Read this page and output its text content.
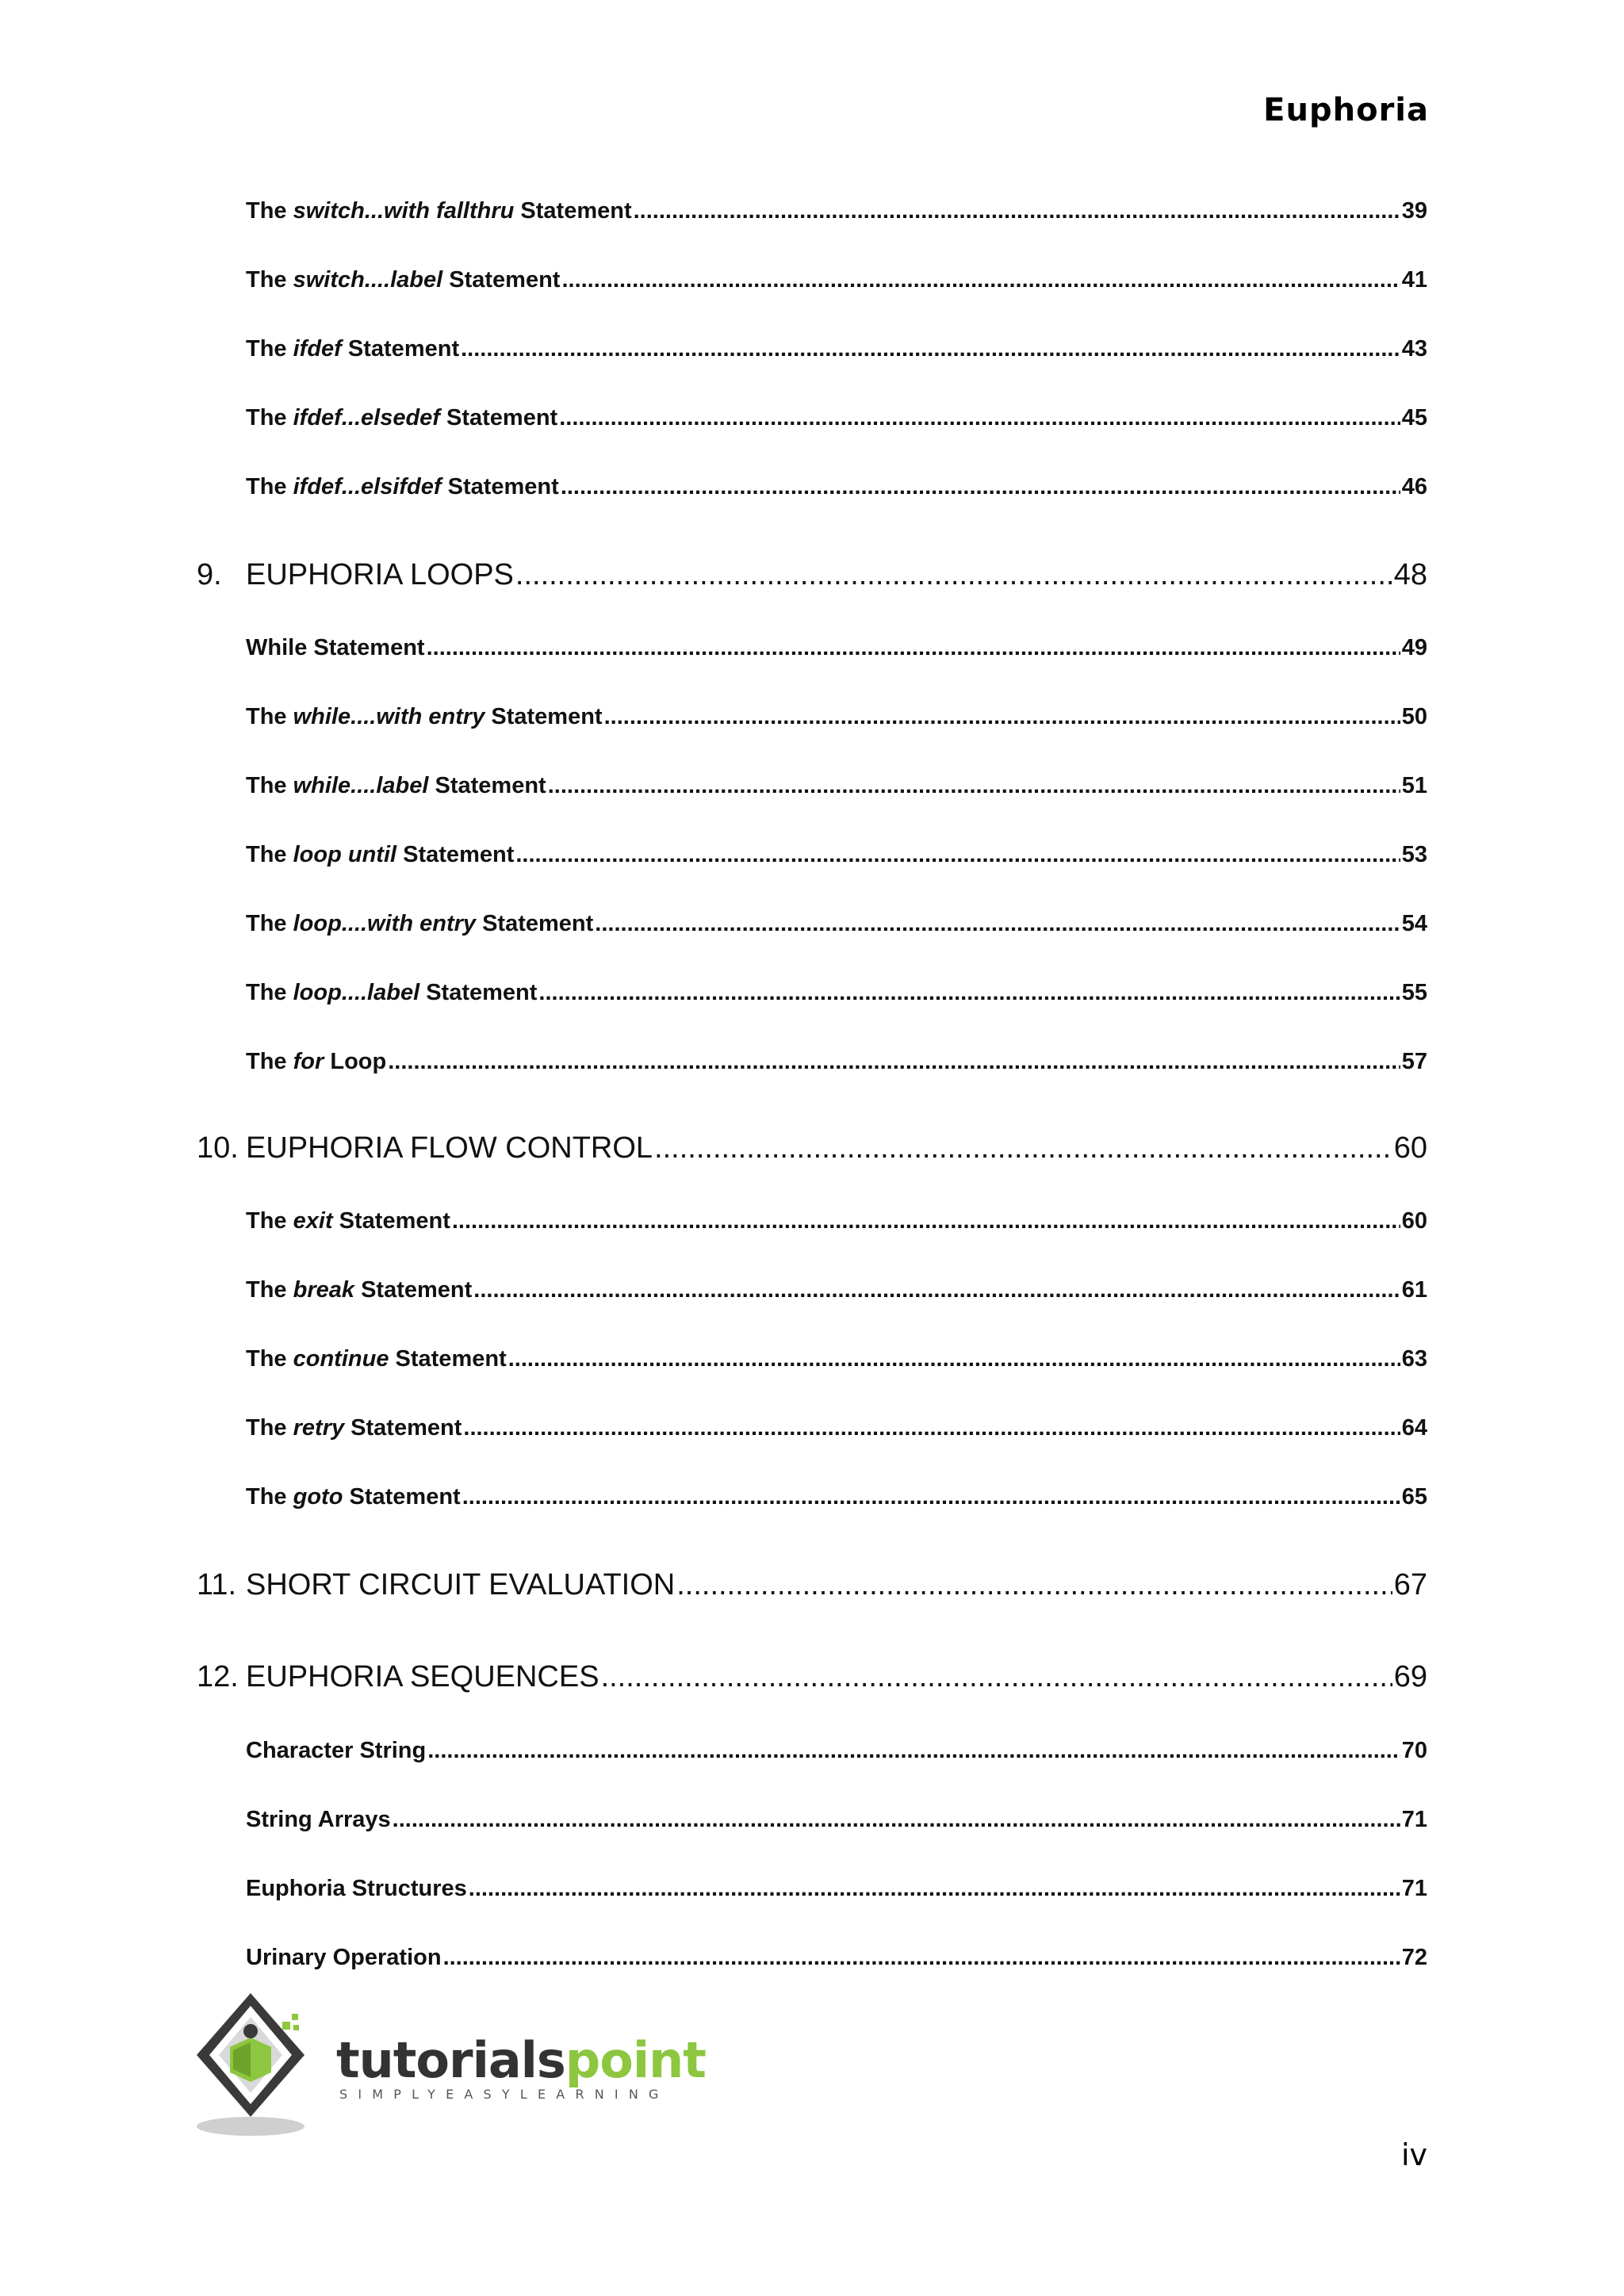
Euphoria
The switch...with fallthru Statement .....	39
The switch....label Statement .....	41
The ifdef Statement .....	43
The ifdef...elsedef Statement .....	45
The ifdef...elsifdef Statement .....	46
9. EUPHORIA LOOPS .....	48
While Statement .....	49
The while....with entry Statement .....	50
The while....label Statement .....	51
The loop until Statement .....	53
The loop....with entry Statement .....	54
The loop....label Statement .....	55
The for Loop .....	57
10. EUPHORIA FLOW CONTROL .....	60
The exit Statement .....	60
The break Statement .....	61
The continue Statement .....	63
The retry Statement .....	64
The goto Statement .....	65
11. SHORT CIRCUIT EVALUATION .....	67
12. EUPHORIA SEQUENCES .....	69
Character String .....	70
String Arrays .....	71
Euphoria Structures .....	71
Urinary Operation .....	72
tutorialspoint
SIMPLYEASYLEARNING
iv
